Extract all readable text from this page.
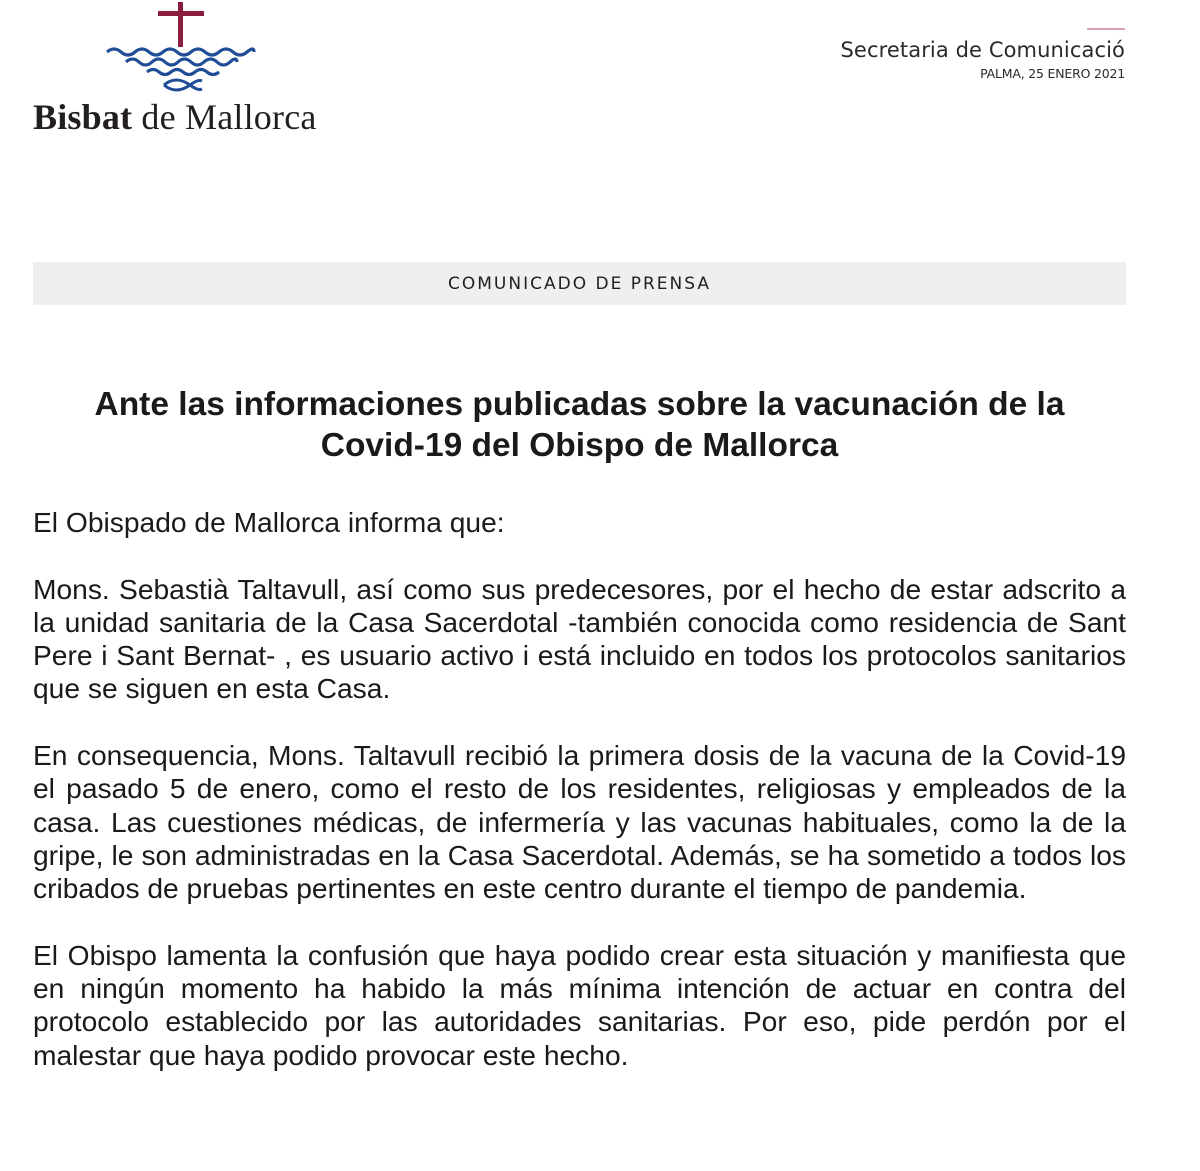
Bisbat de Mallorca
Secretaria de Comunicació
PALMA, 25 ENERO 2021
COMUNICADO DE PRENSA
Ante las informaciones publicadas sobre la vacunación de la
Covid-19 del Obispo de Mallorca

El Obispado de Mallorca informa que:

Mons. Sebastià Taltavull, así como sus predecesores, por el hecho de estar adscrito a la unidad sanitaria de la Casa Sacerdotal -también conocida como residencia de Sant Pere i Sant Bernat- , es usuario activo i está incluido en todos los protocolos sanitarios que se siguen en esta Casa.

En consequencia, Mons. Taltavull recibió la primera dosis de la vacuna de la Covid-19 el pasado 5 de enero, como el resto de los residentes, religiosas y empleados de la casa. Las cuestiones médicas, de infermería y las vacunas habituales, como la de la gripe, le son administradas en la Casa Sacerdotal. Además, se ha sometido a todos los cribados de pruebas pertinentes en este centro durante el tiempo de pandemia.

El Obispo lamenta la confusión que haya podido crear esta situación y manifiesta que en ningún momento ha habido la más mínima intención de actuar en contra del protocolo establecido por las autoridades sanitarias. Por eso, pide perdón por el malestar que haya podido provocar este hecho.
